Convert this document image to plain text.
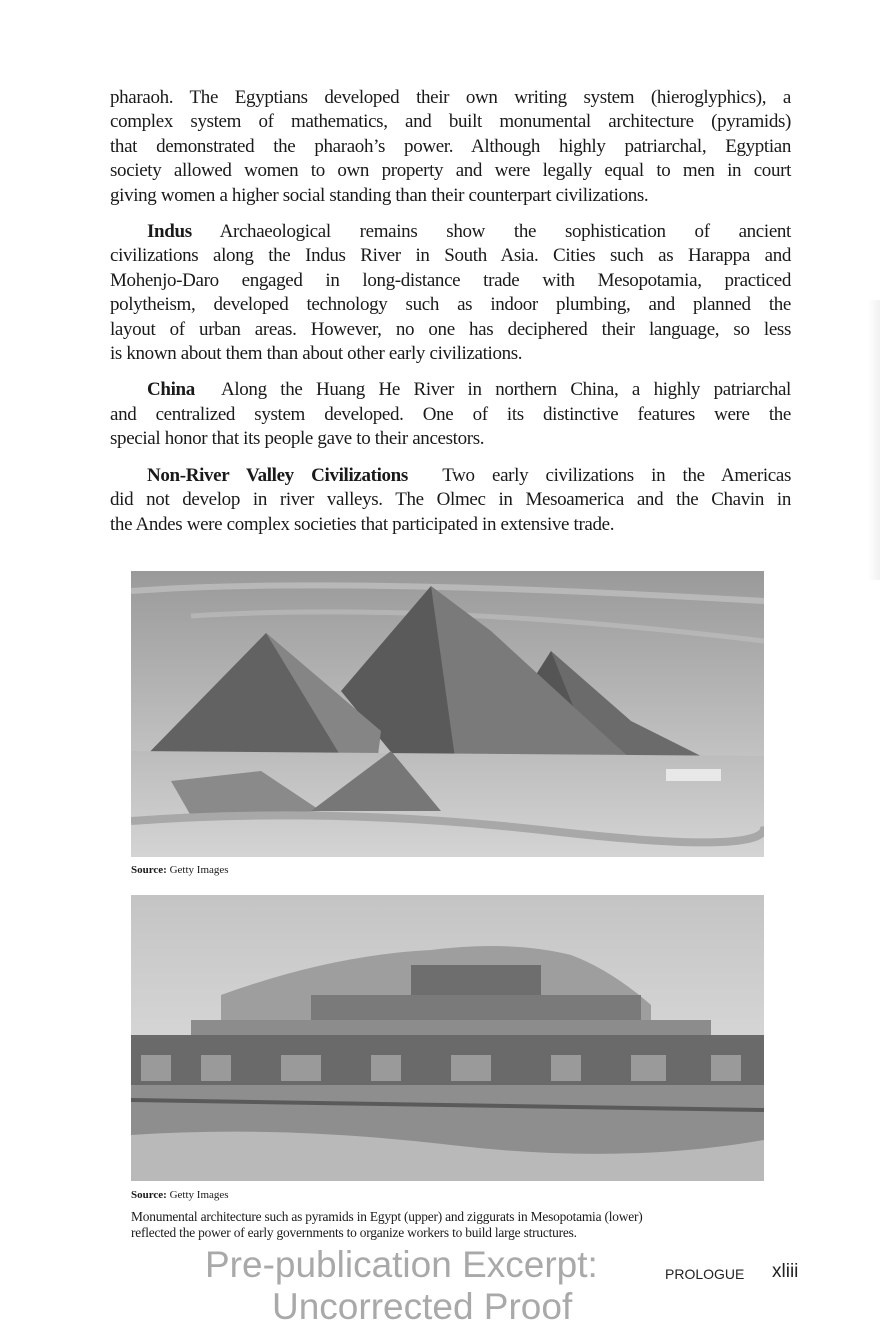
pharaoh. The Egyptians developed their own writing system (hieroglyphics), a
complex system of mathematics, and built monumental architecture (pyramids)
that demonstrated the pharaoh’s power. Although highly patriarchal, Egyptian
society allowed women to own property and were legally equal to men in court
giving women a higher social standing than their counterpart civilizations.

Indus Archaeological remains show the sophistication of ancient
civilizations along the Indus River in South Asia. Cities such as Harappa and
Mohenjo-Daro engaged in long-distance trade with Mesopotamia, practiced
polytheism, developed technology such as indoor plumbing, and planned the
layout of urban areas. However, no one has deciphered their language, so less
is known about them than about other early civilizations.

China  Along the Huang He River in northern China, a highly patriarchal
and centralized system developed. One of its distinctive features were the
special honor that its people gave to their ancestors.

Non-River Valley Civilizations  Two early civilizations in the Americas
did not develop in river valleys. The Olmec in Mesoamerica and the Chavin in
the Andes were complex societies that participated in extensive trade.

Source: Getty Images
Source: Getty Images
Monumental architecture such as pyramids in Egypt (upper) and ziggurats in Mesopotamia (lower)
reflected the power of early governments to organize workers to build large structures.
Pre-publication Excerpt:
Uncorrected Proof
PROLOGUE xliii
